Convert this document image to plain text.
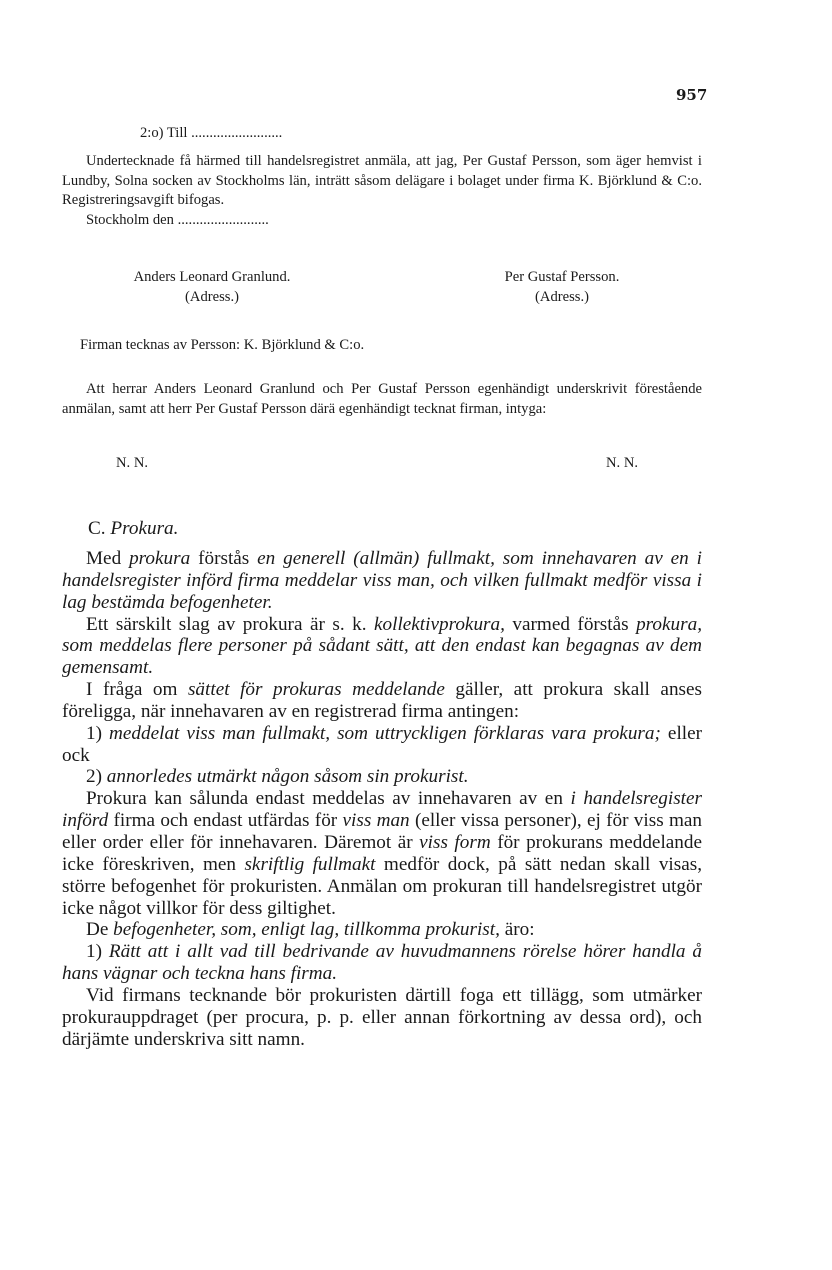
957
2:o) Till .........................

Undertecknade få härmed till handelsregistret anmäla, att jag, Per Gustaf Persson, som äger hemvist i Lundby, Solna socken av Stockholms län, inträtt såsom delägare i bolaget under firma K. Björklund & C:o. Registreringsavgift bifogas.

Stockholm den .........................

Anders Leonard Granlund.
(Adress.)
Per Gustaf Persson.
(Adress.)
Firman tecknas av Persson: K. Björklund & C:o.

Att herrar Anders Leonard Granlund och Per Gustaf Persson egenhändigt underskrivit förestående anmälan, samt att herr Per Gustaf Persson därä egenhändigt tecknat firman, intyga:

N. N.	N. N.
C. Prokura.

Med prokura förstås en generell (allmän) fullmakt, som innehavaren av en i handelsregister införd firma meddelar viss man, och vilken fullmakt medför vissa i lag bestämda befogenheter.

Ett särskilt slag av prokura är s. k. kollektivprokura, varmed förstås prokura, som meddelas flere personer på sådant sätt, att den endast kan begagnas av dem gemensamt.

I fråga om sättet för prokuras meddelande gäller, att prokura skall anses föreligga, när innehavaren av en registrerad firma antingen:

1) meddelat viss man fullmakt, som uttryckligen förklaras vara prokura; eller ock

2) annorledes utmärkt någon såsom sin prokurist.

Prokura kan sålunda endast meddelas av innehavaren av en i handelsregister införd firma och endast utfärdas för viss man (eller vissa personer), ej för viss man eller order eller för innehavaren. Däremot är viss form för prokurans meddelande icke föreskriven, men skriftlig fullmakt medför dock, på sätt nedan skall visas, större befogenhet för prokuristen. Anmälan om prokuran till handelsregistret utgör icke något villkor för dess giltighet.

De befogenheter, som, enligt lag, tillkomma prokurist, äro:

1) Rätt att i allt vad till bedrivande av huvudmannens rörelse hörer handla å hans vägnar och teckna hans firma.

Vid firmans tecknande bör prokuristen därtill foga ett tillägg, som utmärker prokurauppdraget (per procura, p. p. eller annan förkortning av dessa ord), och därjämte underskriva sitt namn.
